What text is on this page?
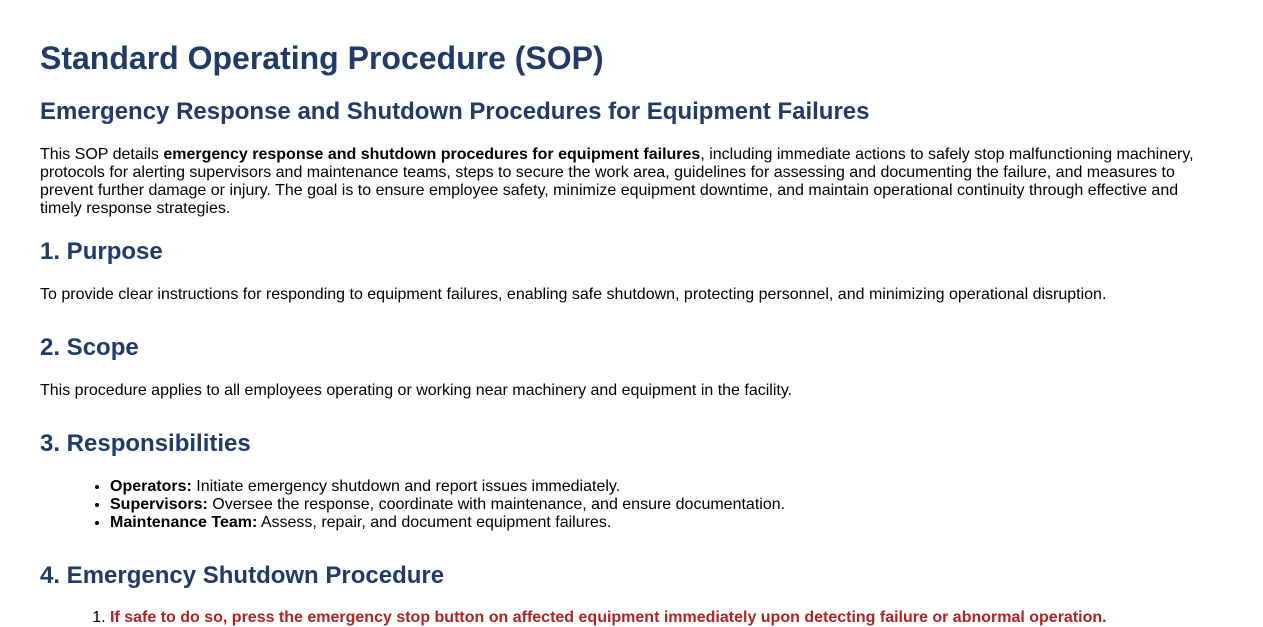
Standard Operating Procedure (SOP)
Emergency Response and Shutdown Procedures for Equipment Failures

This SOP details emergency response and shutdown procedures for equipment failures, including immediate actions to safely stop malfunctioning machinery, protocols for alerting supervisors and maintenance teams, steps to secure the work area, guidelines for assessing and documenting the failure, and measures to prevent further damage or injury. The goal is to ensure employee safety, minimize equipment downtime, and maintain operational continuity through effective and timely response strategies.

1. Purpose

To provide clear instructions for responding to equipment failures, enabling safe shutdown, protecting personnel, and minimizing operational disruption.

2. Scope

This procedure applies to all employees operating or working near machinery and equipment in the facility.

3. Responsibilities
• Operators: Initiate emergency shutdown and report issues immediately.
• Supervisors: Oversee the response, coordinate with maintenance, and ensure documentation.
• Maintenance Team: Assess, repair, and document equipment failures.
4. Emergency Shutdown Procedure
1. If safe to do so, press the emergency stop button on affected equipment immediately upon detecting failure or abnormal operation.
